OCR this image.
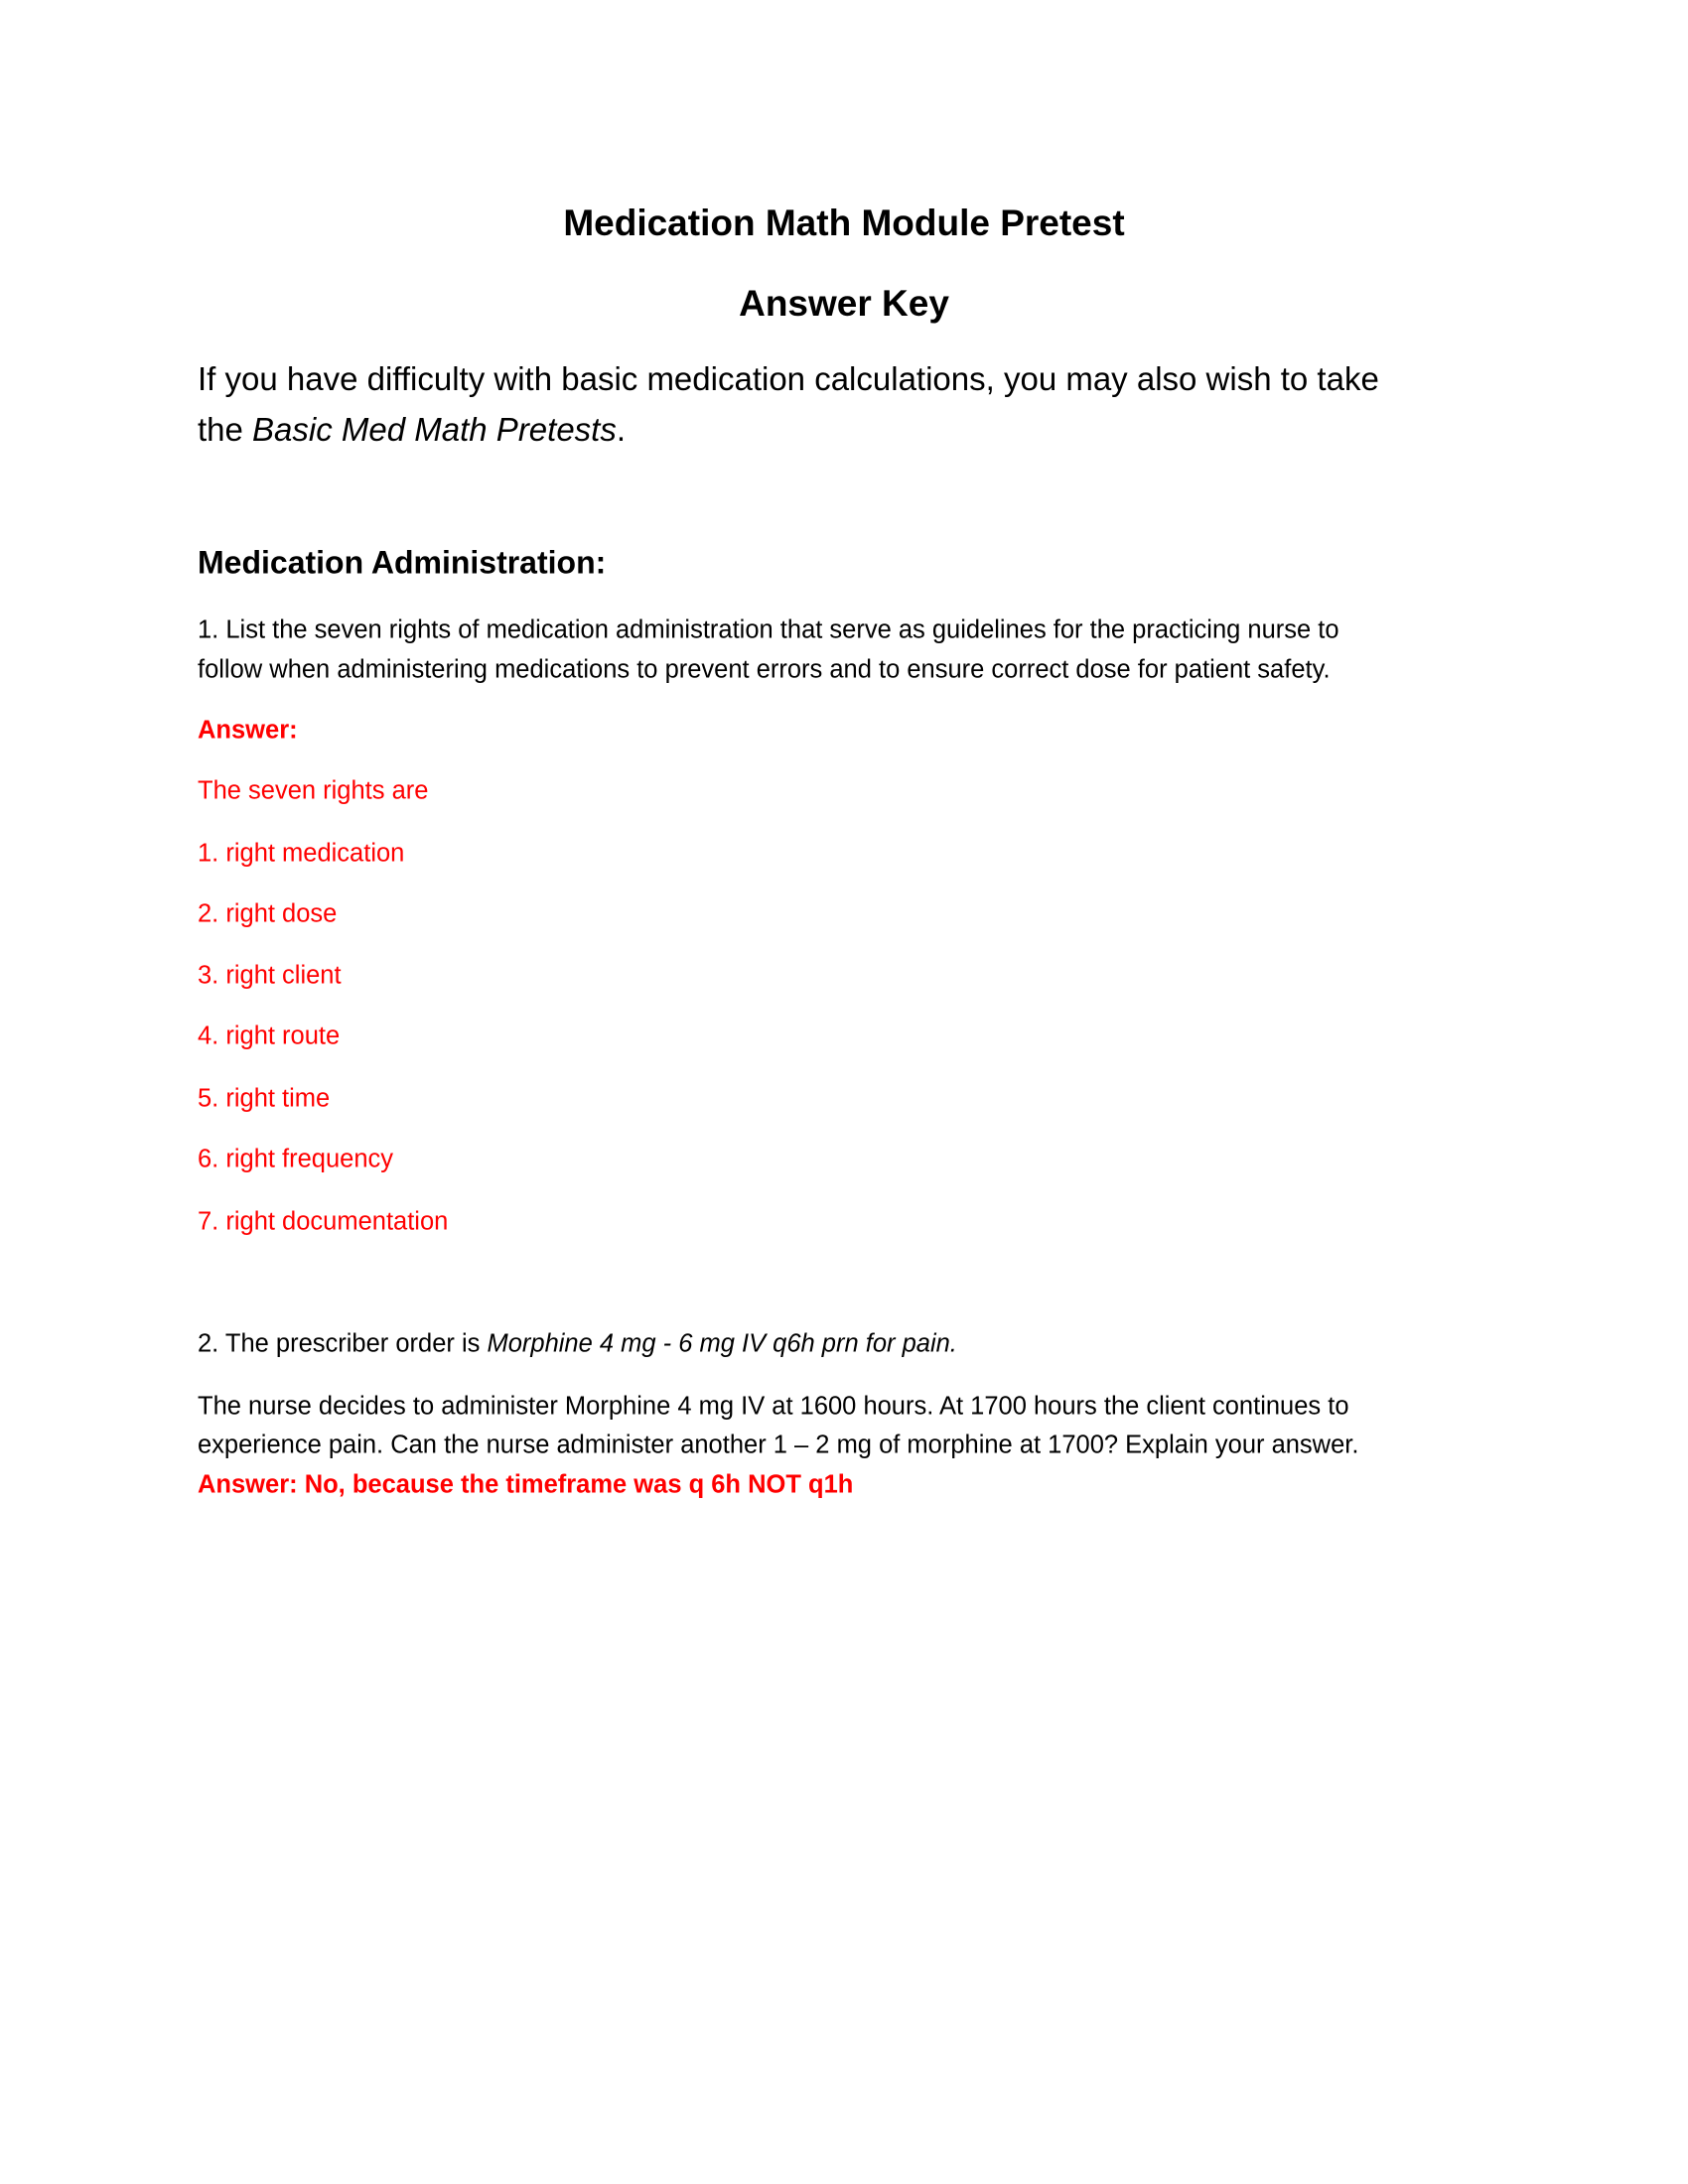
Medication Math Module Pretest
Answer Key
If you have difficulty with basic medication calculations, you may also wish to take
the Basic Med Math Pretests.
Medication Administration:
1. List the seven rights of medication administration that serve as guidelines for the practicing nurse to
follow when administering medications to prevent errors and to ensure correct dose for patient safety.
Answer:
The seven rights are
1. right medication
2. right dose
3. right client
4. right route
5. right time
6. right frequency
7. right documentation
2. The prescriber order is Morphine 4 mg - 6 mg IV q6h prn for pain.
The nurse decides to administer Morphine 4 mg IV at 1600 hours. At 1700 hours the client continues to
experience pain. Can the nurse administer another 1 – 2 mg of morphine at 1700? Explain your answer.
Answer: No, because the timeframe was q 6h NOT q1h
